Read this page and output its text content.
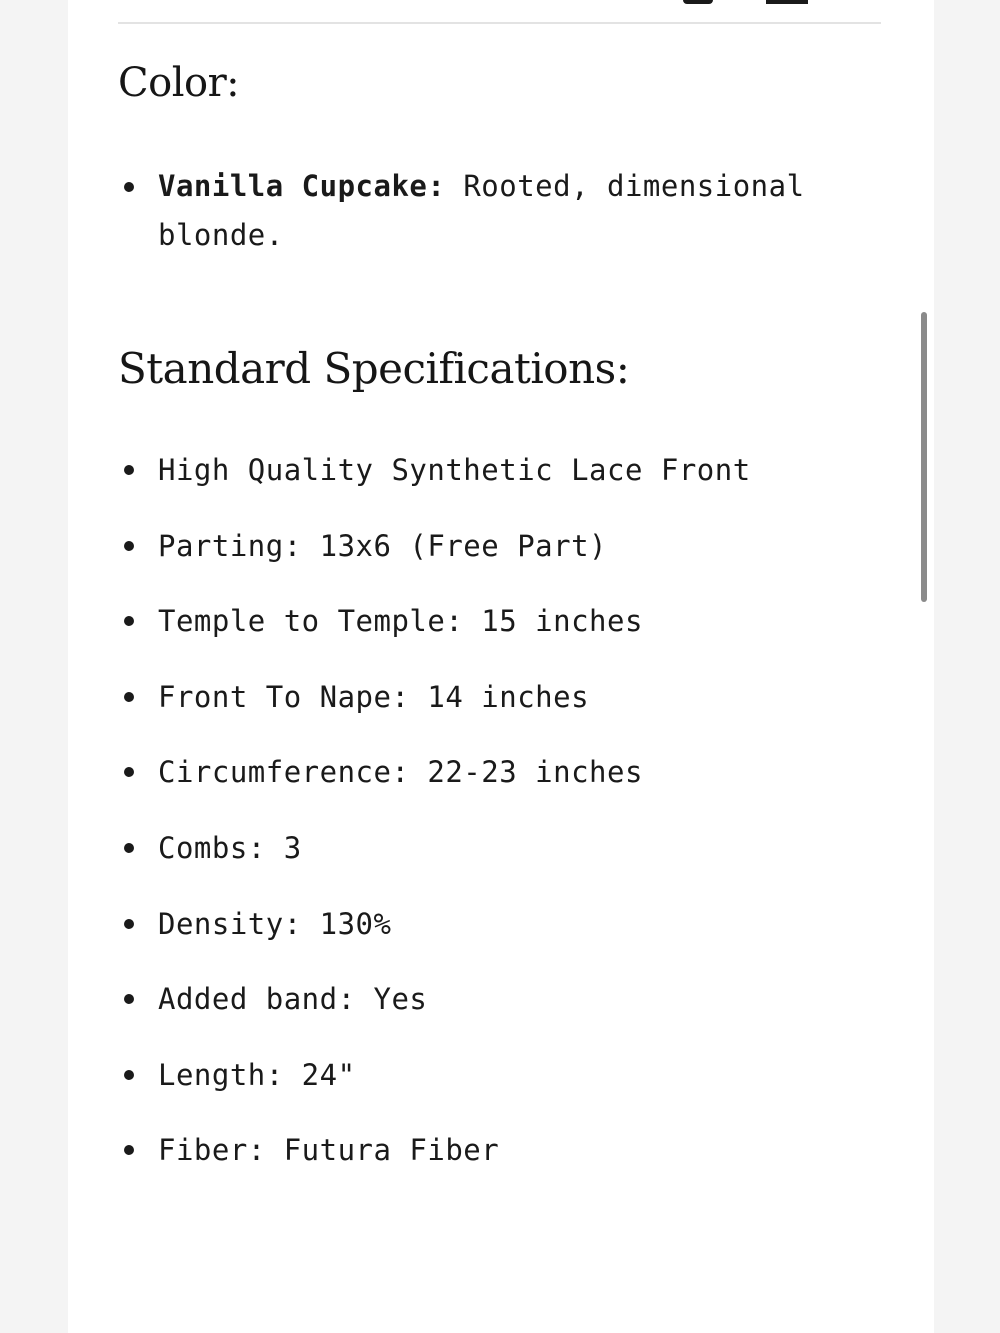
Color:
Vanilla Cupcake: Rooted, dimensional blonde.
Standard Specifications:
High Quality Synthetic Lace Front
Parting: 13x6 (Free Part)
Temple to Temple: 15 inches
Front To Nape: 14 inches
Circumference: 22-23 inches
Combs: 3
Density: 130%
Added band: Yes
Length: 24"
Fiber: Futura Fiber
